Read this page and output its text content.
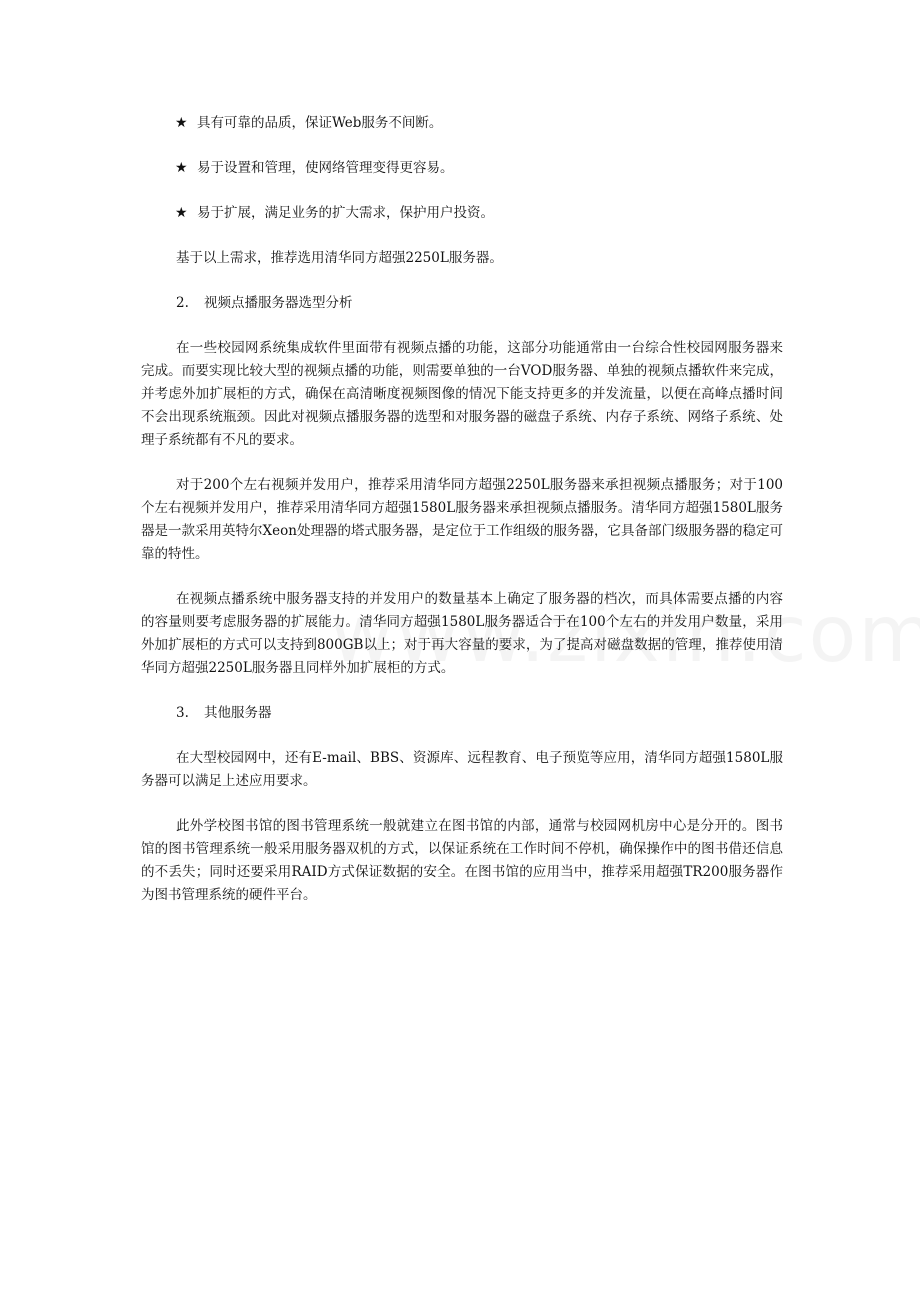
★ 具有可靠的品质，保证Web服务不间断。
★ 易于设置和管理，使网络管理变得更容易。
★ 易于扩展，满足业务的扩大需求，保护用户投资。

基于以上需求，推荐选用清华同方超强2250L服务器。

2. 视频点播服务器选型分析

在一些校园网系统集成软件里面带有视频点播的功能，这部分功能通常由一台综合性校园网服务器来完成。而要实现比较大型的视频点播的功能，则需要单独的一台VOD服务器、单独的视频点播软件来完成，并考虑外加扩展柜的方式，确保在高清晰度视频图像的情况下能支持更多的并发流量，以便在高峰点播时间不会出现系统瓶颈。因此对视频点播服务器的选型和对服务器的磁盘子系统、内存子系统、网络子系统、处理子系统都有不凡的要求。

对于200个左右视频并发用户，推荐采用清华同方超强2250L服务器来承担视频点播服务；对于100个左右视频并发用户，推荐采用清华同方超强1580L服务器来承担视频点播服务。清华同方超强1580L服务器是一款采用英特尔Xeon处理器的塔式服务器，是定位于工作组级的服务器，它具备部门级服务器的稳定可靠的特性。

在视频点播系统中服务器支持的并发用户的数量基本上确定了服务器的档次，而具体需要点播的内容的容量则要考虑服务器的扩展能力。清华同方超强1580L服务器适合于在100个左右的并发用户数量，采用外加扩展柜的方式可以支持到800GB以上；对于再大容量的要求，为了提高对磁盘数据的管理，推荐使用清华同方超强2250L服务器且同样外加扩展柜的方式。

3. 其他服务器

在大型校园网中，还有E-mail、BBS、资源库、远程教育、电子预览等应用，清华同方超强1580L服务器可以满足上述应用要求。

此外学校图书馆的图书管理系统一般就建立在图书馆的内部，通常与校园网机房中心是分开的。图书馆的图书管理系统一般采用服务器双机的方式，以保证系统在工作时间不停机，确保操作中的图书借还信息的不丢失；同时还要采用RAID方式保证数据的安全。在图书馆的应用当中，推荐采用超强TR200服务器作为图书管理系统的硬件平台。
